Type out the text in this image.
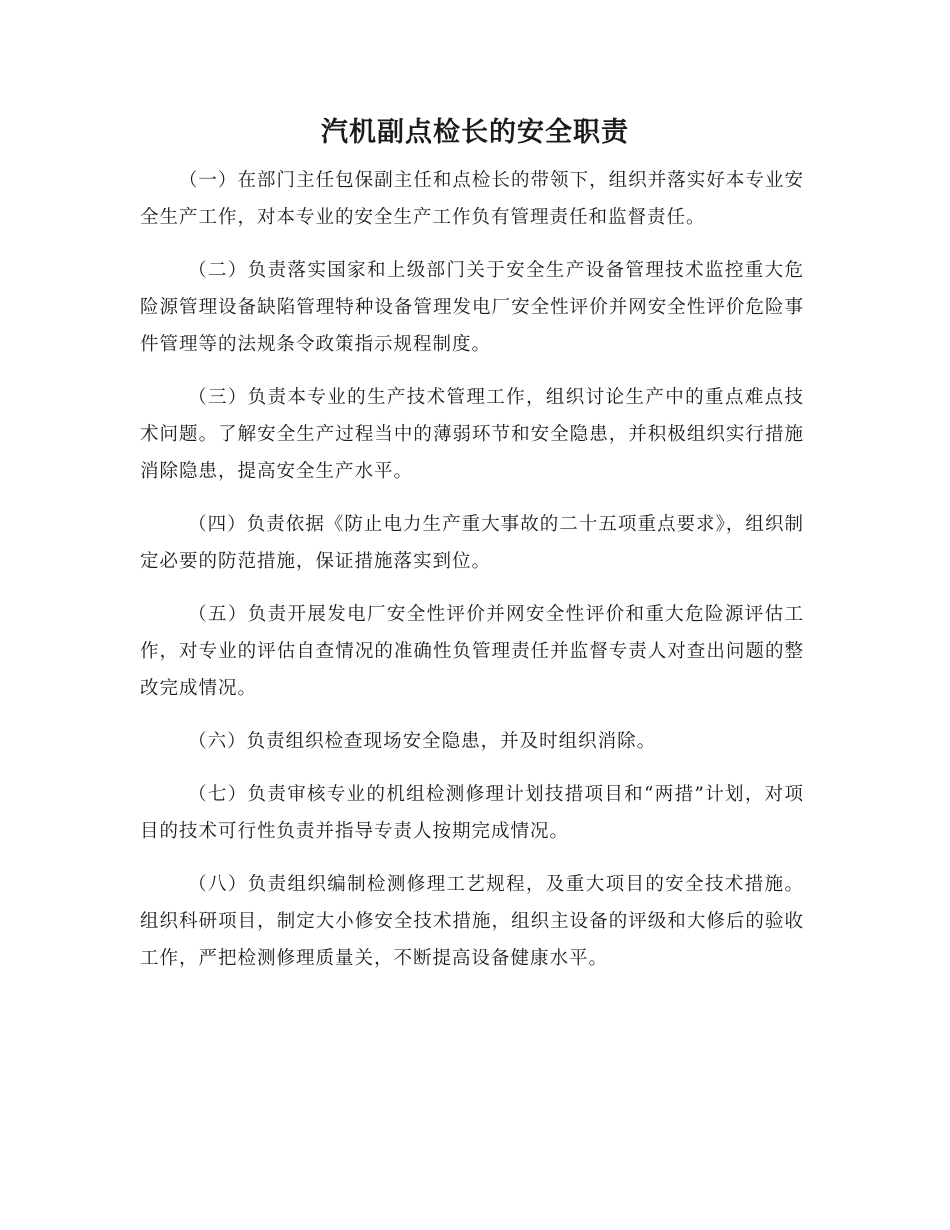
汽机副点检长的安全职责

（一）在部门主任包保副主任和点检长的带领下，组织并落实好本专业安全生产工作，对本专业的安全生产工作负有管理责任和监督责任。

（二）负责落实国家和上级部门关于安全生产设备管理技术监控重大危险源管理设备缺陷管理特种设备管理发电厂安全性评价并网安全性评价危险事件管理等的法规条令政策指示规程制度。

（三）负责本专业的生产技术管理工作，组织讨论生产中的重点难点技术问题。了解安全生产过程当中的薄弱环节和安全隐患，并积极组织实行措施消除隐患，提高安全生产水平。

（四）负责依据《防止电力生产重大事故的二十五项重点要求》，组织制定必要的防范措施，保证措施落实到位。

（五）负责开展发电厂安全性评价并网安全性评价和重大危险源评估工作，对专业的评估自查情况的准确性负管理责任并监督专责人对查出问题的整改完成情况。

（六）负责组织检查现场安全隐患，并及时组织消除。

（七）负责审核专业的机组检测修理计划技措项目和“两措”计划，对项目的技术可行性负责并指导专责人按期完成情况。

（八）负责组织编制检测修理工艺规程，及重大项目的安全技术措施。组织科研项目，制定大小修安全技术措施，组织主设备的评级和大修后的验收工作，严把检测修理质量关，不断提高设备健康水平。
